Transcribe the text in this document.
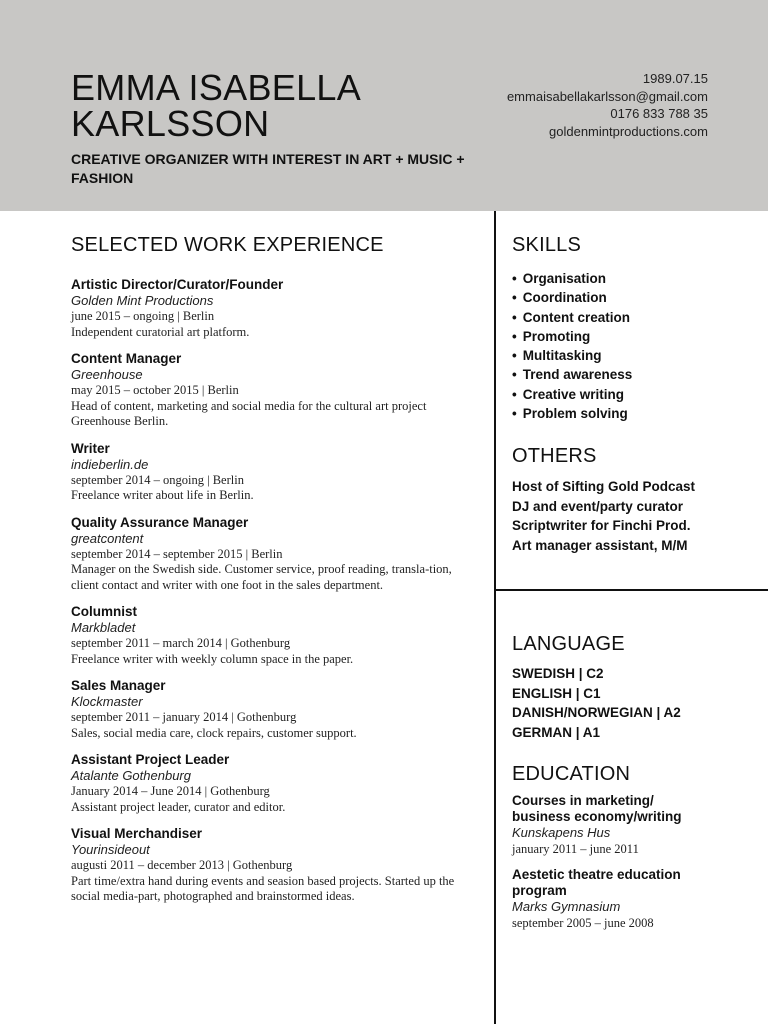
EMMA ISABELLA
KARLSSON

CREATIVE ORGANIZER WITH INTEREST IN ART + MUSIC + FASHION

1989.07.15
emmaisabellakarlsson@gmail.com
0176 833 788 35
goldenmintproductions.com
SELECTED WORK EXPERIENCE
Artistic Director/Curator/Founder
Golden Mint Productions
june 2015 – ongoing | Berlin
Independent curatorial art platform.
Content Manager
Greenhouse
may 2015 – october 2015 | Berlin
Head of content, marketing and social media for the cultural art project Greenhouse Berlin.
Writer
indieberlin.de
september 2014 – ongoing | Berlin
Freelance writer about life in Berlin.
Quality Assurance Manager
greatcontent
september 2014 – september 2015 | Berlin
Manager on the Swedish side. Customer service, proof reading, transla-tion, client contact and writer with one foot in the sales department.
Columnist
Markbladet
september 2011 – march 2014 | Gothenburg
Freelance writer with weekly column space in the paper.
Sales Manager
Klockmaster
september 2011 – january 2014 | Gothenburg
Sales, social media care, clock repairs, customer support.
Assistant Project Leader
Atalante Gothenburg
January 2014 – June 2014 | Gothenburg
Assistant project leader, curator and editor.
Visual Merchandiser
Yourinsideout
augusti 2011 – december 2013 | Gothenburg
Part time/extra hand during events and seasion based projects. Started up the social media-part, photographed and brainstormed ideas.
SKILLS
• Organisation
• Coordination
• Content creation
• Promoting
• Multitasking
• Trend awareness
• Creative writing
• Problem solving
OTHERS
Host of Sifting Gold Podcast
DJ and event/party curator
Scriptwriter for Finchi Prod.
Art manager assistant, M/M
LANGUAGE
SWEDISH | C2
ENGLISH | C1
DANISH/NORWEGIAN | A2
GERMAN | A1
EDUCATION
Courses in marketing/ business economy/writing
Kunskapens Hus
january 2011 – june 2011
Aestetic theatre education program
Marks Gymnasium
september 2005 – june 2008
